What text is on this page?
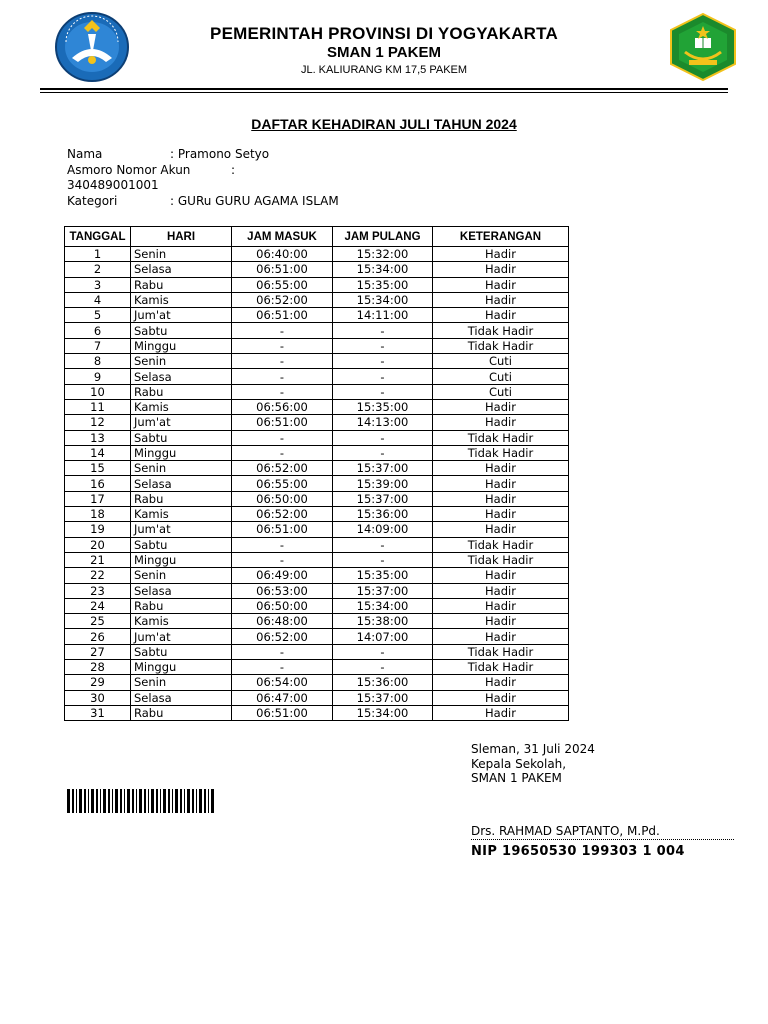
PEMERINTAH PROVINSI DI YOGYAKARTA
SMAN 1 PAKEM
JL. KALIURANG KM 17,5 PAKEM
DAFTAR KEHADIRAN JULI TAHUN 2024
Nama	: Pramono Setyo
Asmoro Nomor Akun	:
340489001001
Kategori	: GURu GURU AGAMA ISLAM
TANGGAL	HARI	JAM MASUK	JAM PULANG	KETERANGAN
1	Senin	06:40:00	15:32:00	Hadir
2	Selasa	06:51:00	15:34:00	Hadir
3	Rabu	06:55:00	15:35:00	Hadir
4	Kamis	06:52:00	15:34:00	Hadir
5	Jum'at	06:51:00	14:11:00	Hadir
6	Sabtu	-	-	Tidak Hadir
7	Minggu	-	-	Tidak Hadir
8	Senin	-	-	Cuti
9	Selasa	-	-	Cuti
10	Rabu	-	-	Cuti
11	Kamis	06:56:00	15:35:00	Hadir
12	Jum'at	06:51:00	14:13:00	Hadir
13	Sabtu	-	-	Tidak Hadir
14	Minggu	-	-	Tidak Hadir
15	Senin	06:52:00	15:37:00	Hadir
16	Selasa	06:55:00	15:39:00	Hadir
17	Rabu	06:50:00	15:37:00	Hadir
18	Kamis	06:52:00	15:36:00	Hadir
19	Jum'at	06:51:00	14:09:00	Hadir
20	Sabtu	-	-	Tidak Hadir
21	Minggu	-	-	Tidak Hadir
22	Senin	06:49:00	15:35:00	Hadir
23	Selasa	06:53:00	15:37:00	Hadir
24	Rabu	06:50:00	15:34:00	Hadir
25	Kamis	06:48:00	15:38:00	Hadir
26	Jum'at	06:52:00	14:07:00	Hadir
27	Sabtu	-	-	Tidak Hadir
28	Minggu	-	-	Tidak Hadir
29	Senin	06:54:00	15:36:00	Hadir
30	Selasa	06:47:00	15:37:00	Hadir
31	Rabu	06:51:00	15:34:00	Hadir
Sleman, 31 Juli 2024
Kepala Sekolah,
SMAN 1 PAKEM
Drs. RAHMAD SAPTANTO, M.Pd.
NIP 19650530 199303 1 004
